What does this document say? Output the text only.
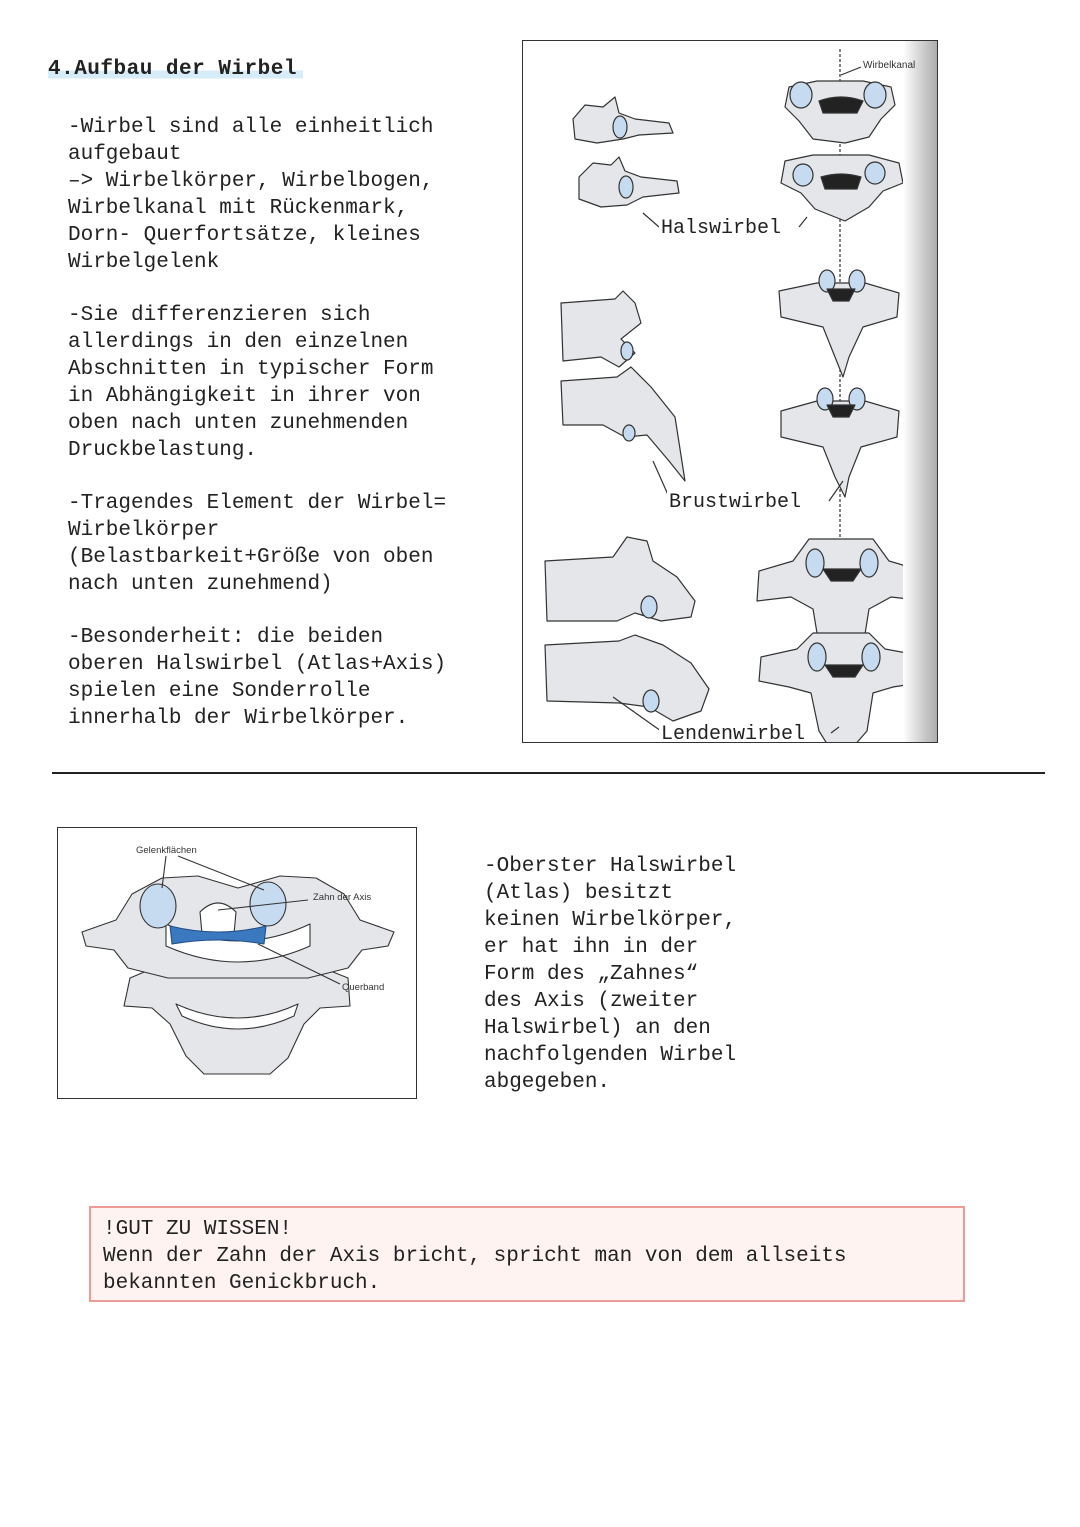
4.Aufbau der Wirbel

-Wirbel sind alle einheitlich
aufgebaut
–> Wirbelkörper, Wirbelbogen,
Wirbelkanal mit Rückenmark,
Dorn- Querfortsätze, kleines
Wirbelgelenk

-Sie differenzieren sich
allerdings in den einzelnen
Abschnitten in typischer Form
in Abhängigkeit in ihrer von
oben nach unten zunehmenden
Druckbelastung.

-Tragendes Element der Wirbel=
Wirbelkörper
(Belastbarkeit+Größe von oben
nach unten zunehmend)

-Besonderheit: die beiden
oberen Halswirbel (Atlas+Axis)
spielen eine Sonderrolle
innerhalb der Wirbelkörper.

Wirbelkanal
Halswirbel
Brustwirbel
Lendenwirbel
Gelenkflächen
Zahn der Axis
Querband

-Oberster Halswirbel
(Atlas) besitzt
keinen Wirbelkörper,
er hat ihn in der
Form des „Zahnes“
des Axis (zweiter
Halswirbel) an den
nachfolgenden Wirbel
abgegeben.

!GUT ZU WISSEN!
Wenn der Zahn der Axis bricht, spricht man von dem allseits
bekannten Genickbruch.
